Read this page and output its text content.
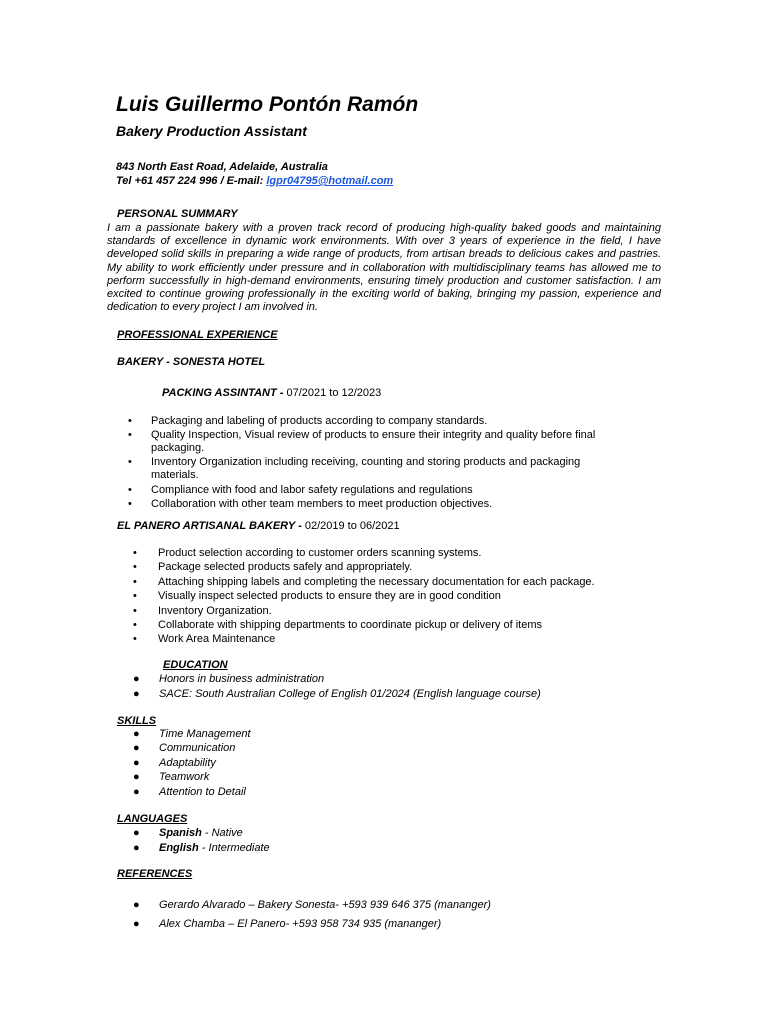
Luis Guillermo Pontón Ramón
Bakery Production Assistant
843 North East Road, Adelaide, Australia
Tel +61 457 224 996 / E-mail: lgpr04795@hotmail.com
PERSONAL SUMMARY
I am a passionate bakery with a proven track record of producing high-quality baked goods and maintaining standards of excellence in dynamic work environments. With over 3 years of experience in the field, I have developed solid skills in preparing a wide range of products, from artisan breads to delicious cakes and pastries. My ability to work efficiently under pressure and in collaboration with multidisciplinary teams has allowed me to perform successfully in high-demand environments, ensuring timely production and customer satisfaction. I am excited to continue growing professionally in the exciting world of baking, bringing my passion, experience and dedication to every project I am involved in.
PROFESSIONAL EXPERIENCE
BAKERY - SONESTA HOTEL
PACKING ASSINTANT - 07/2021 to 12/2023
• Packaging and labeling of products according to company standards.
• Quality Inspection, Visual review of products to ensure their integrity and quality before final packaging.
• Inventory Organization including receiving, counting and storing products and packaging materials.
• Compliance with food and labor safety regulations and regulations
• Collaboration with other team members to meet production objectives.
EL PANERO ARTISANAL BAKERY - 02/2019 to 06/2021
• Product selection according to customer orders scanning systems.
• Package selected products safely and appropriately.
• Attaching shipping labels and completing the necessary documentation for each package.
• Visually inspect selected products to ensure they are in good condition
• Inventory Organization.
• Collaborate with shipping departments to coordinate pickup or delivery of items
• Work Area Maintenance
EDUCATION
● Honors in business administration
● SACE: South Australian College of English 01/2024 (English language course)
SKILLS
● Time Management
● Communication
● Adaptability
● Teamwork
● Attention to Detail
LANGUAGES
● Spanish - Native
● English - Intermediate
REFERENCES
● Gerardo Alvarado – Bakery Sonesta- +593 939 646 375 (mananger)
● Alex Chamba – El Panero- +593 958 734 935 (mananger)
